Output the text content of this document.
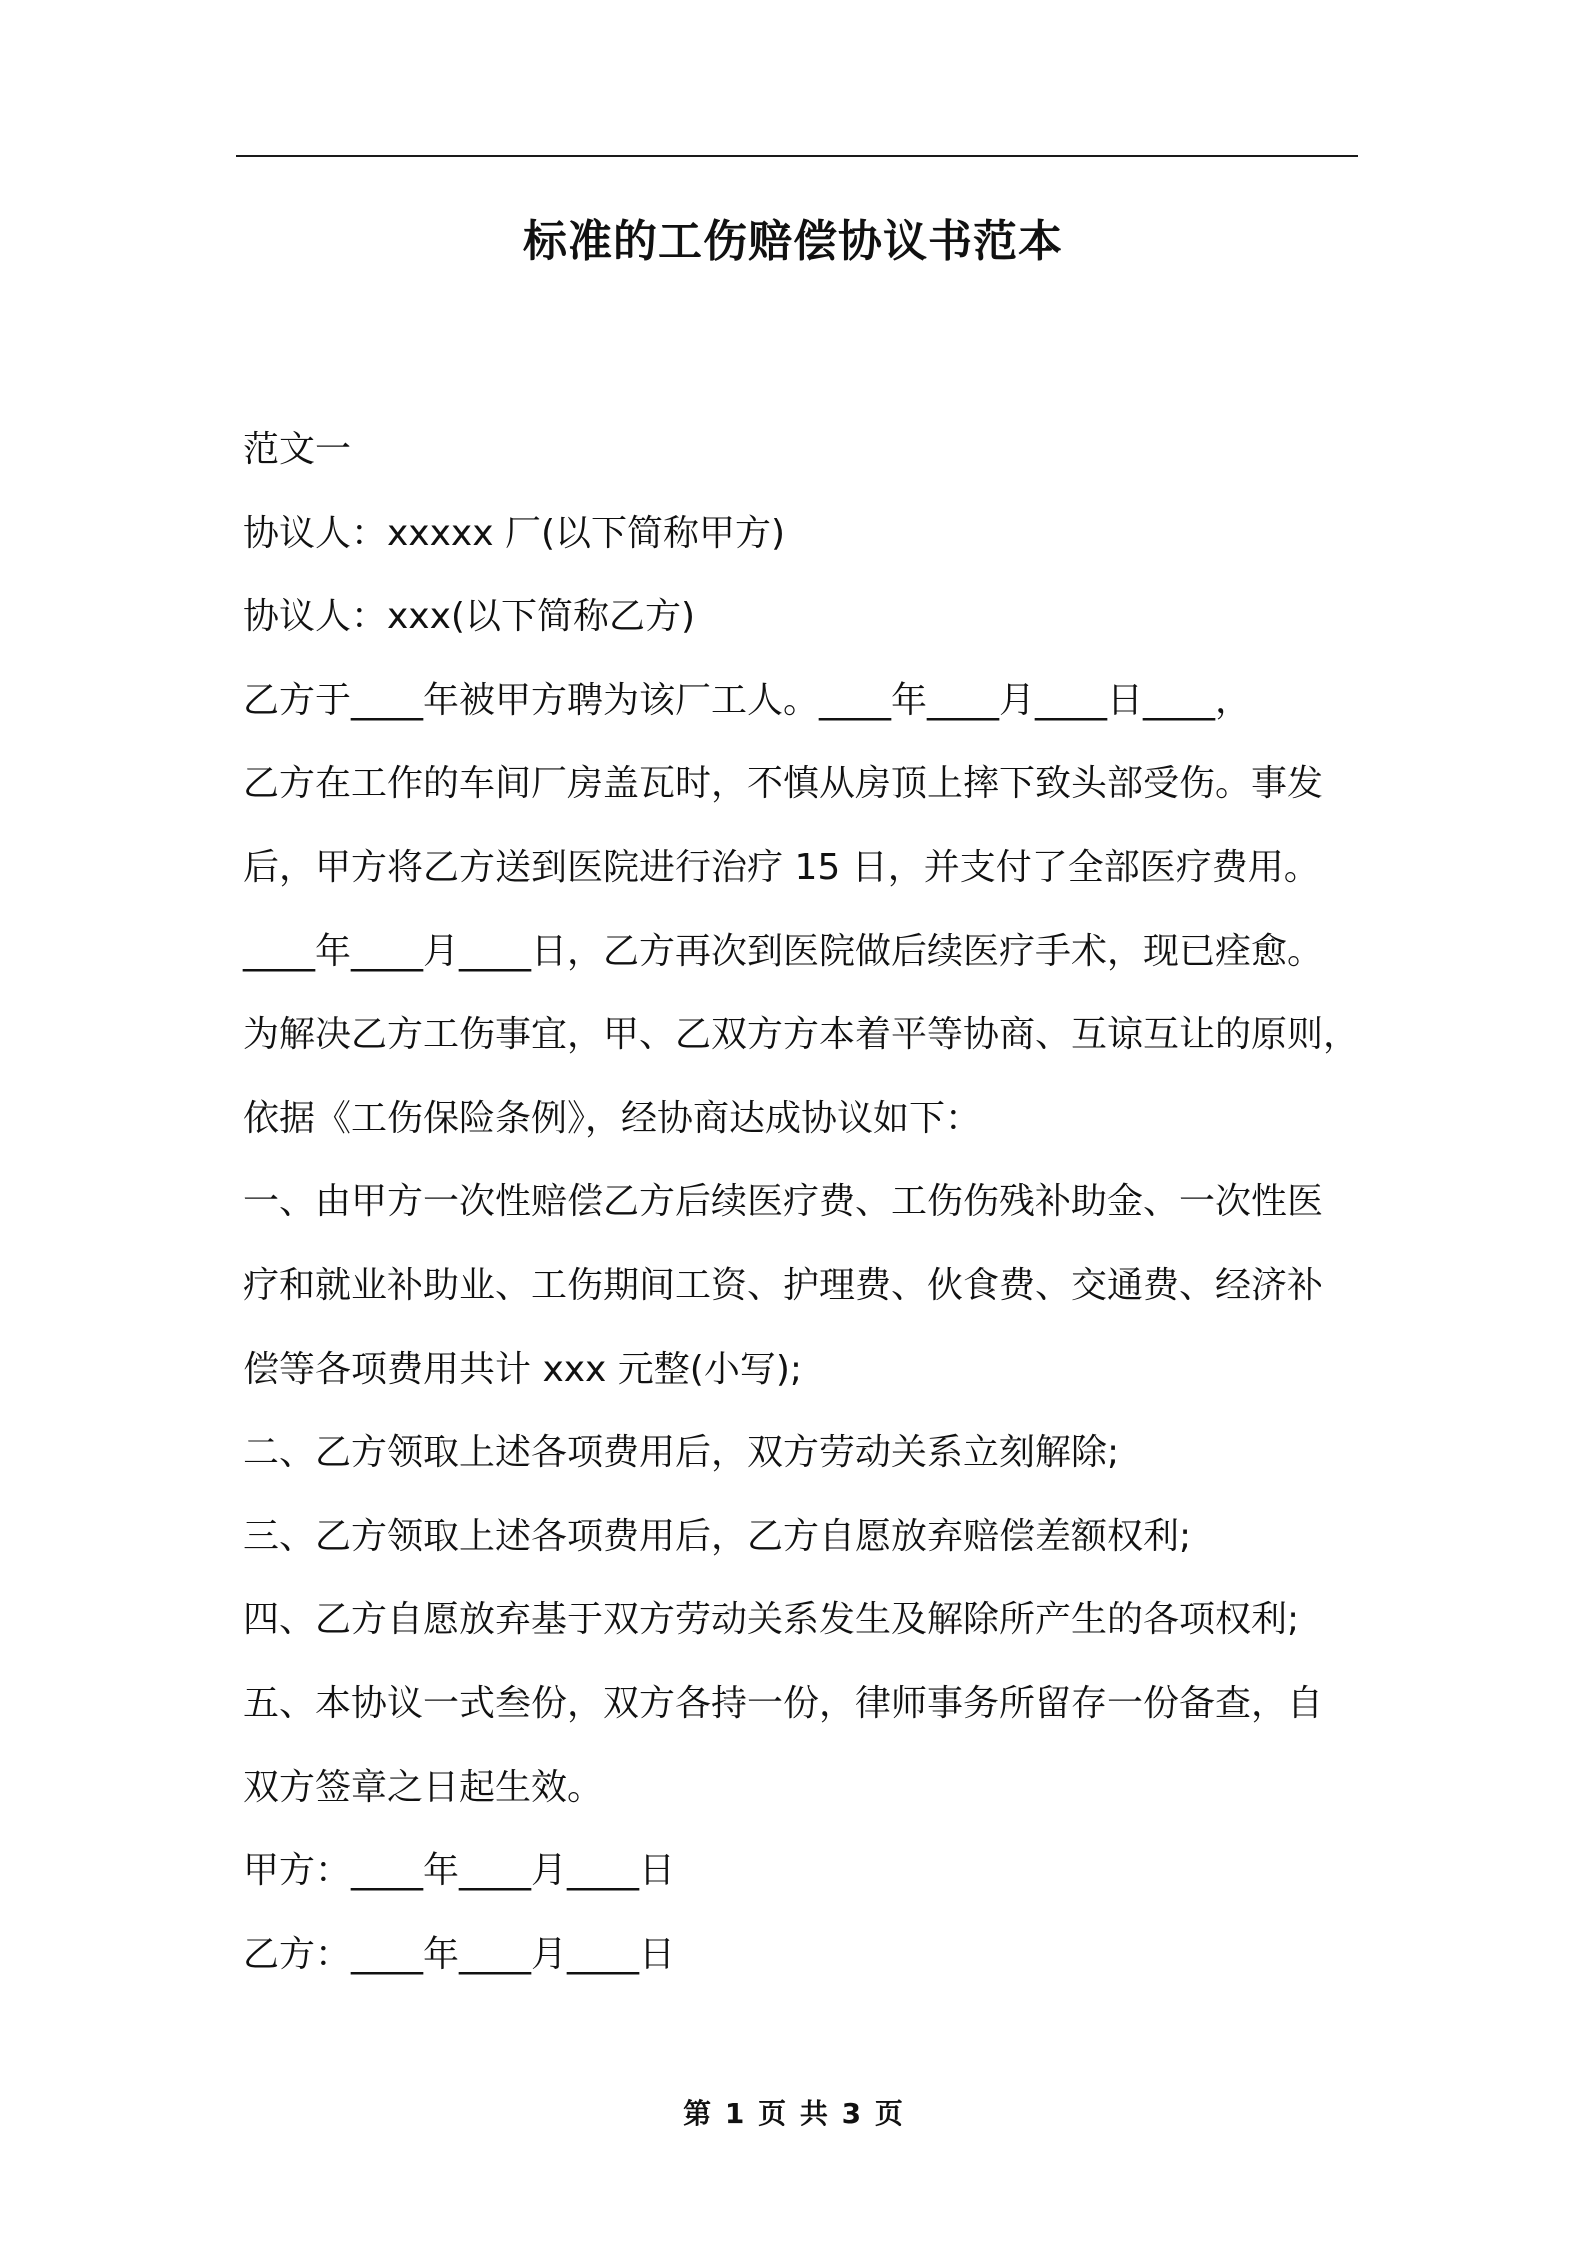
标准的工伤赔偿协议书范本
范文一
协议人：xxxxx 厂(以下简称甲方)
协议人：xxx(以下简称乙方)
乙方于____年被甲方聘为该厂工人。____年____月____日____，
乙方在工作的车间厂房盖瓦时，不慎从房顶上摔下致头部受伤。事发
后，甲方将乙方送到医院进行治疗 15 日，并支付了全部医疗费用。
____年____月____日，乙方再次到医院做后续医疗手术，现已痊愈。
为解决乙方工伤事宜，甲、乙双方方本着平等协商、互谅互让的原则，
依据《工伤保险条例》，经协商达成协议如下：
一、由甲方一次性赔偿乙方后续医疗费、工伤伤残补助金、一次性医
疗和就业补助业、工伤期间工资、护理费、伙食费、交通费、经济补
偿等各项费用共计 xxx 元整(小写);
二、乙方领取上述各项费用后，双方劳动关系立刻解除;
三、乙方领取上述各项费用后，乙方自愿放弃赔偿差额权利;
四、乙方自愿放弃基于双方劳动关系发生及解除所产生的各项权利;
五、本协议一式叁份，双方各持一份，律师事务所留存一份备查，自
双方签章之日起生效。
甲方：____年____月____日
乙方：____年____月____日
第 1 页 共 3 页
